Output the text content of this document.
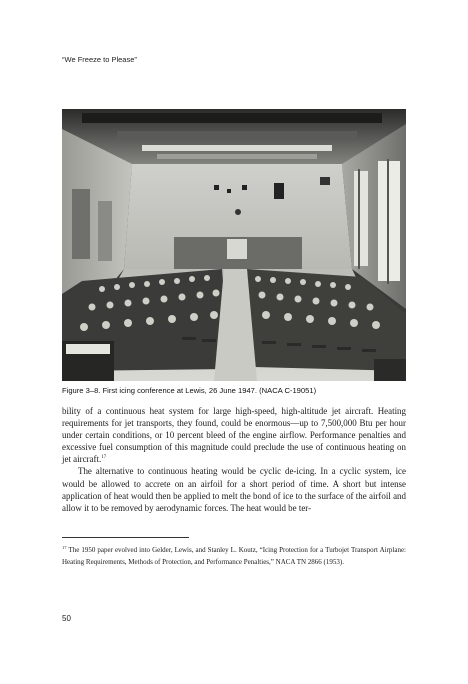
“We Freeze to Please”
Figure 3–8. First icing conference at Lewis, 26 June 1947. (NACA C-19051)

bility of a continuous heat system for large high-speed, high-altitude jet aircraft. Heating requirements for jet transports, they found, could be enormous—up to 7,500,000 Btu per hour under certain conditions, or 10 percent bleed of the engine airflow. Performance penalties and excessive fuel consumption of this magnitude could preclude the use of continuous heating on jet aircraft.$^{17}$

The alternative to continuous heating would be cyclic de-icing. In a cyclic system, ice would be allowed to accrete on an airfoil for a short period of time. A short but intense application of heat would then be applied to melt the bond of ice to the surface of the airfoil and allow it to be removed by aerodynamic forces. The heat would be ter-

$^{17}$ The 1950 paper evolved into Gelder, Lewis, and Stanley L. Koutz, “Icing Protection for a Turbojet Transport Airplane: Heating Requirements, Methods of Protection, and Performance Penalties,” NACA TN 2866 (1953).
50
